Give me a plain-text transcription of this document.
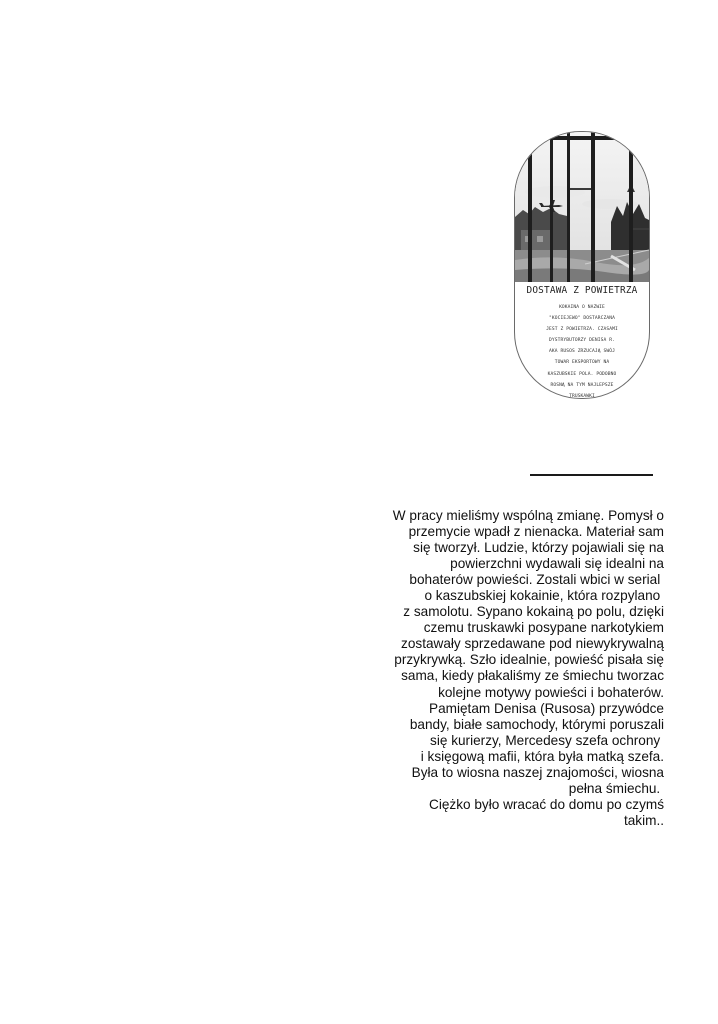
DOSTAWA Z POWIETRZA
KOKAINA O NAZWIE
"KOCIEJEWO" DOSTARCZANA
JEST Z POWIETRZA. CZASAMI
DYSTRYBUTORZY DENISA R.
AKA RUSOS ZRZUCAJĄ SWÓJ
TOWAR EKSPORTOWY NA
KASZUBSKIE POLA. PODOBNO
ROSNĄ NA TYM NAJLEPSZE
TRUSKAWKI
W pracy mieliśmy wspólną zmianę. Pomysł o
przemycie wpadł z nienacka. Materiał sam
się tworzył. Ludzie, którzy pojawiali się na
powierzchni wydawali się idealni na
bohaterów powieści. Zostali wbici w serial
o kaszubskiej kokainie, która rozpylano
z samolotu. Sypano kokainą po polu, dzięki
czemu truskawki posypane narkotykiem
zostawały sprzedawane pod niewykrywalną
przykrywką. Szło idealnie, powieść pisała się
sama, kiedy płakaliśmy ze śmiechu tworzac
kolejne motywy powieści i bohaterów.
Pamiętam Denisa (Rusosa) przywódce
bandy, białe samochody, którymi poruszali
się kurierzy, Mercedesy szefa ochrony
i księgową mafii, która była matką szefa.
Była to wiosna naszej znajomości, wiosna
pełna śmiechu.
Ciężko było wracać do domu po czymś
takim..
